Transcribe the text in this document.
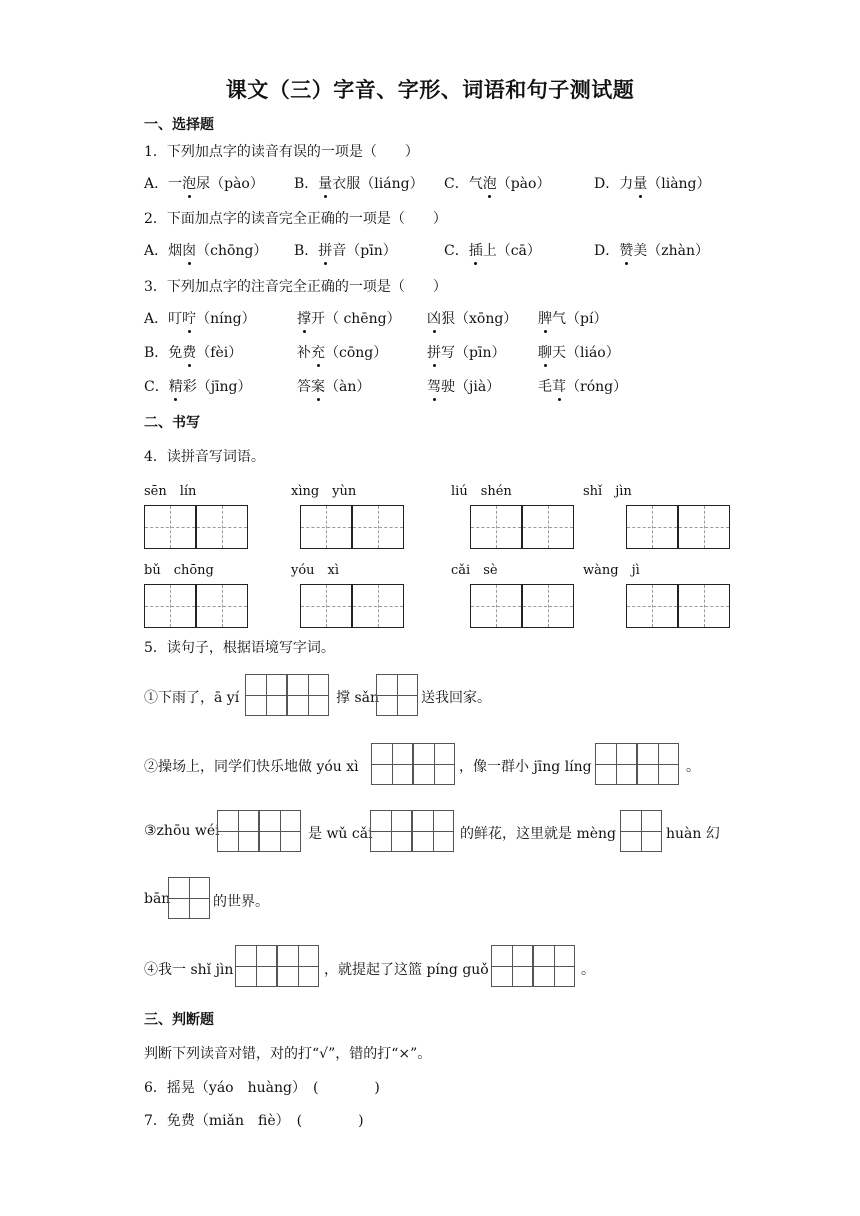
课文（三）字音、字形、词语和句子测试题
一、选择题
1．下列加点字的读音有误的一项是（　　）
A．一泡尿（pào） B．量衣服（liáng） C．气泡（pào）	D．力量（liàng）
2．下面加点字的读音完全正确的一项是（　　）
A．烟囱（chōng） B．拼音（pīn）	C．插上（cā）	D．赞美（zhàn）
3．下列加点字的注音完全正确的一项是（　　）
A．叮咛（níng）	撑开（ chēng） 凶狠（xōng） 脾气（pí）
B．免费（fèi）	补充（cōng）	拼写（pīn） 聊天（liáo）
C．精彩（jīng）	答案（àn）	驾驶（jià）	毛茸（róng）
二、书写
4．读拼音写词语。
sēn　lín	xìng　yùn	liú　shén	shǐ　jìn
bǔ　chōng	yóu　xì	cǎi　sè	wàng　jì
5．读句子，根据语境写字词。
①下雨了，ā yí	撑 sǎn	送我回家。
②操场上，同学们快乐地做 yóu xì	，像一群小 jīng líng	。
③zhōu wéi	是 wǔ cǎi	的鲜花，这里就是 mèng	huàn 幻
bān	的世界。
④我一 shǐ jìn	，就提起了这篮 píng guǒ	。
三、判断题
判断下列读音对错，对的打“√”，错的打“×”。
6．摇晃（yáo　huàng）　(　　　　)
7．免费（miǎn　fiè）　(　　　　)
